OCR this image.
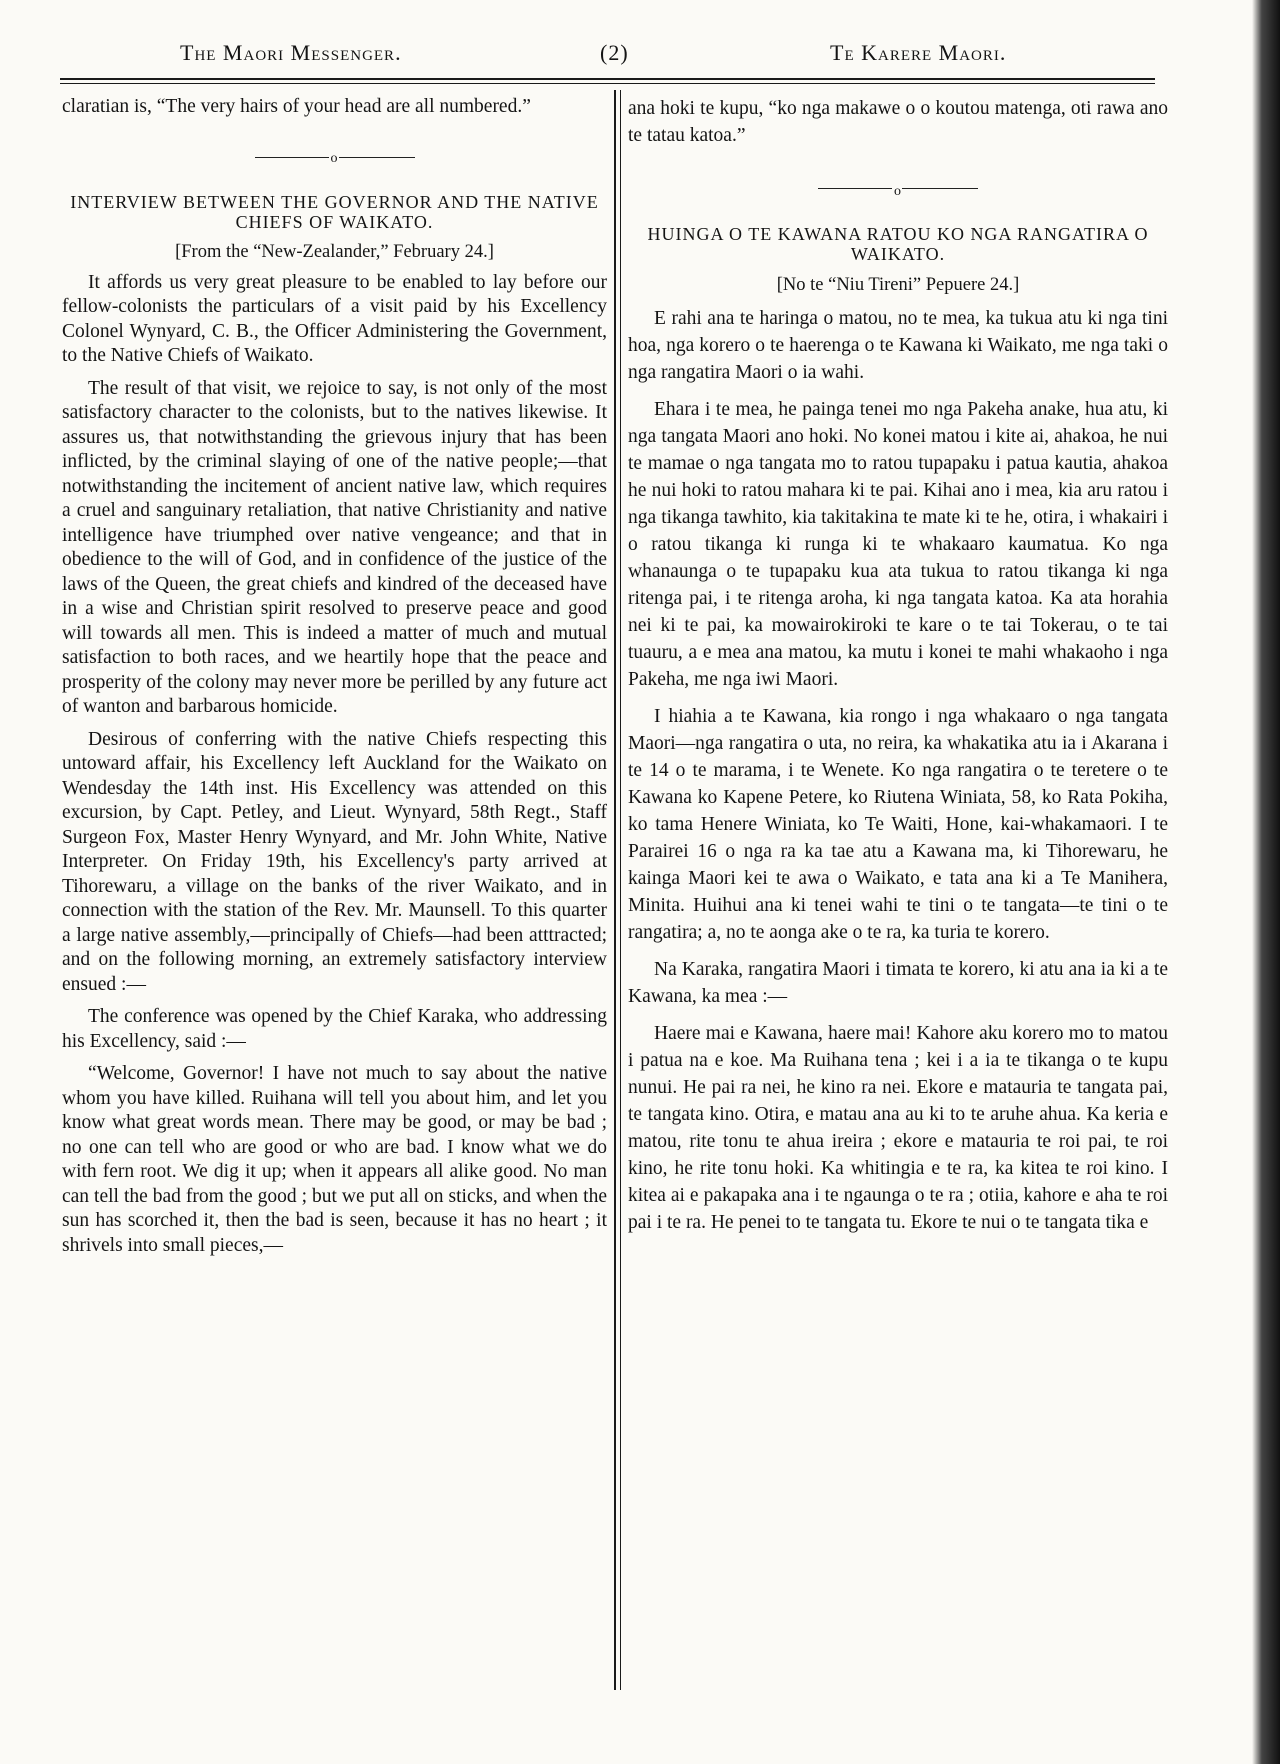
The Maori Messenger.	(2)	Te Karere Maori.

claratian is, “The very hairs of your head are all numbered.”

o
INTERVIEW BETWEEN THE GOVERNOR AND THE NATIVE CHIEFS OF WAIKATO.
[From the “New-Zealander,” February 24.]

It affords us very great pleasure to be enabled to lay before our fellow-colonists the particulars of a visit paid by his Excellency Colonel Wynyard, C. B., the Officer Administering the Government, to the Native Chiefs of Waikato.

The result of that visit, we rejoice to say, is not only of the most satisfactory character to the colonists, but to the natives likewise. It assures us, that notwithstanding the grievous injury that has been inflicted, by the criminal slaying of one of the native people;—that notwithstanding the incitement of ancient native law, which requires a cruel and sanguinary retaliation, that native Christianity and native intelligence have triumphed over native vengeance; and that in obedience to the will of God, and in confidence of the justice of the laws of the Queen, the great chiefs and kindred of the deceased have in a wise and Christian spirit resolved to preserve peace and good will towards all men. This is indeed a matter of much and mutual satisfaction to both races, and we heartily hope that the peace and prosperity of the colony may never more be perilled by any future act of wanton and barbarous homicide.

Desirous of conferring with the native Chiefs respecting this untoward affair, his Excellency left Auckland for the Waikato on Wendesday the 14th inst. His Excellency was attended on this excursion, by Capt. Petley, and Lieut. Wynyard, 58th Regt., Staff Surgeon Fox, Master Henry Wynyard, and Mr. John White, Native Interpreter. On Friday 19th, his Excellency's party arrived at Tihorewaru, a village on the banks of the river Waikato, and in connection with the station of the Rev. Mr. Maunsell. To this quarter a large native assembly,—principally of Chiefs—had been atttracted; and on the following morning, an extremely satisfactory interview ensued :—

The conference was opened by the Chief Karaka, who addressing his Excellency, said :—

“Welcome, Governor! I have not much to say about the native whom you have killed. Ruihana will tell you about him, and let you know what great words mean. There may be good, or may be bad ; no one can tell who are good or who are bad. I know what we do with fern root. We dig it up; when it appears all alike good. No man can tell the bad from the good ; but we put all on sticks, and when the sun has scorched it, then the bad is seen, because it has no heart ; it shrivels into small pieces,—

ana hoki te kupu, “ko nga makawe o o koutou matenga, oti rawa ano te tatau katoa.”

o
HUINGA O TE KAWANA RATOU KO NGA RANGATIRA O WAIKATO.
[No te “Niu Tireni” Pepuere 24.]

E rahi ana te haringa o matou, no te mea, ka tukua atu ki nga tini hoa, nga korero o te haerenga o te Kawana ki Waikato, me nga taki o nga rangatira Maori o ia wahi.

Ehara i te mea, he painga tenei mo nga Pakeha anake, hua atu, ki nga tangata Maori ano hoki. No konei matou i kite ai, ahakoa, he nui te mamae o nga tangata mo to ratou tupapaku i patua kautia, ahakoa he nui hoki to ratou mahara ki te pai. Kihai ano i mea, kia aru ratou i nga tikanga tawhito, kia takitakina te mate ki te he, otira, i whakairi i o ratou tikanga ki runga ki te whakaaro kaumatua. Ko nga whanaunga o te tupapaku kua ata tukua to ratou tikanga ki nga ritenga pai, i te ritenga aroha, ki nga tangata katoa. Ka ata horahia nei ki te pai, ka mowairokiroki te kare o te tai Tokerau, o te tai tuauru, a e mea ana matou, ka mutu i konei te mahi whakaoho i nga Pakeha, me nga iwi Maori.

I hiahia a te Kawana, kia rongo i nga whakaaro o nga tangata Maori—nga rangatira o uta, no reira, ka whakatika atu ia i Akarana i te 14 o te marama, i te Wenete. Ko nga rangatira o te teretere o te Kawana ko Kapene Petere, ko Riutena Winiata, 58, ko Rata Pokiha, ko tama Henere Winiata, ko Te Waiti, Hone, kai-whakamaori. I te Parairei 16 o nga ra ka tae atu a Kawana ma, ki Tihorewaru, he kainga Maori kei te awa o Waikato, e tata ana ki a Te Manihera, Minita. Huihui ana ki tenei wahi te tini o te tangata—te tini o te rangatira; a, no te aonga ake o te ra, ka turia te korero.

Na Karaka, rangatira Maori i timata te korero, ki atu ana ia ki a te Kawana, ka mea :—

Haere mai e Kawana, haere mai! Kahore aku korero mo to matou i patua na e koe. Ma Ruihana tena ; kei i a ia te tikanga o te kupu nunui. He pai ra nei, he kino ra nei. Ekore e matauria te tangata pai, te tangata kino. Otira, e matau ana au ki to te aruhe ahua. Ka keria e matou, rite tonu te ahua ireira ; ekore e matauria te roi pai, te roi kino, he rite tonu hoki. Ka whitingia e te ra, ka kitea te roi kino. I kitea ai e pakapaka ana i te ngaunga o te ra ; otiia, kahore e aha te roi pai i te ra. He penei to te tangata tu. Ekore te nui o te tangata tika e
